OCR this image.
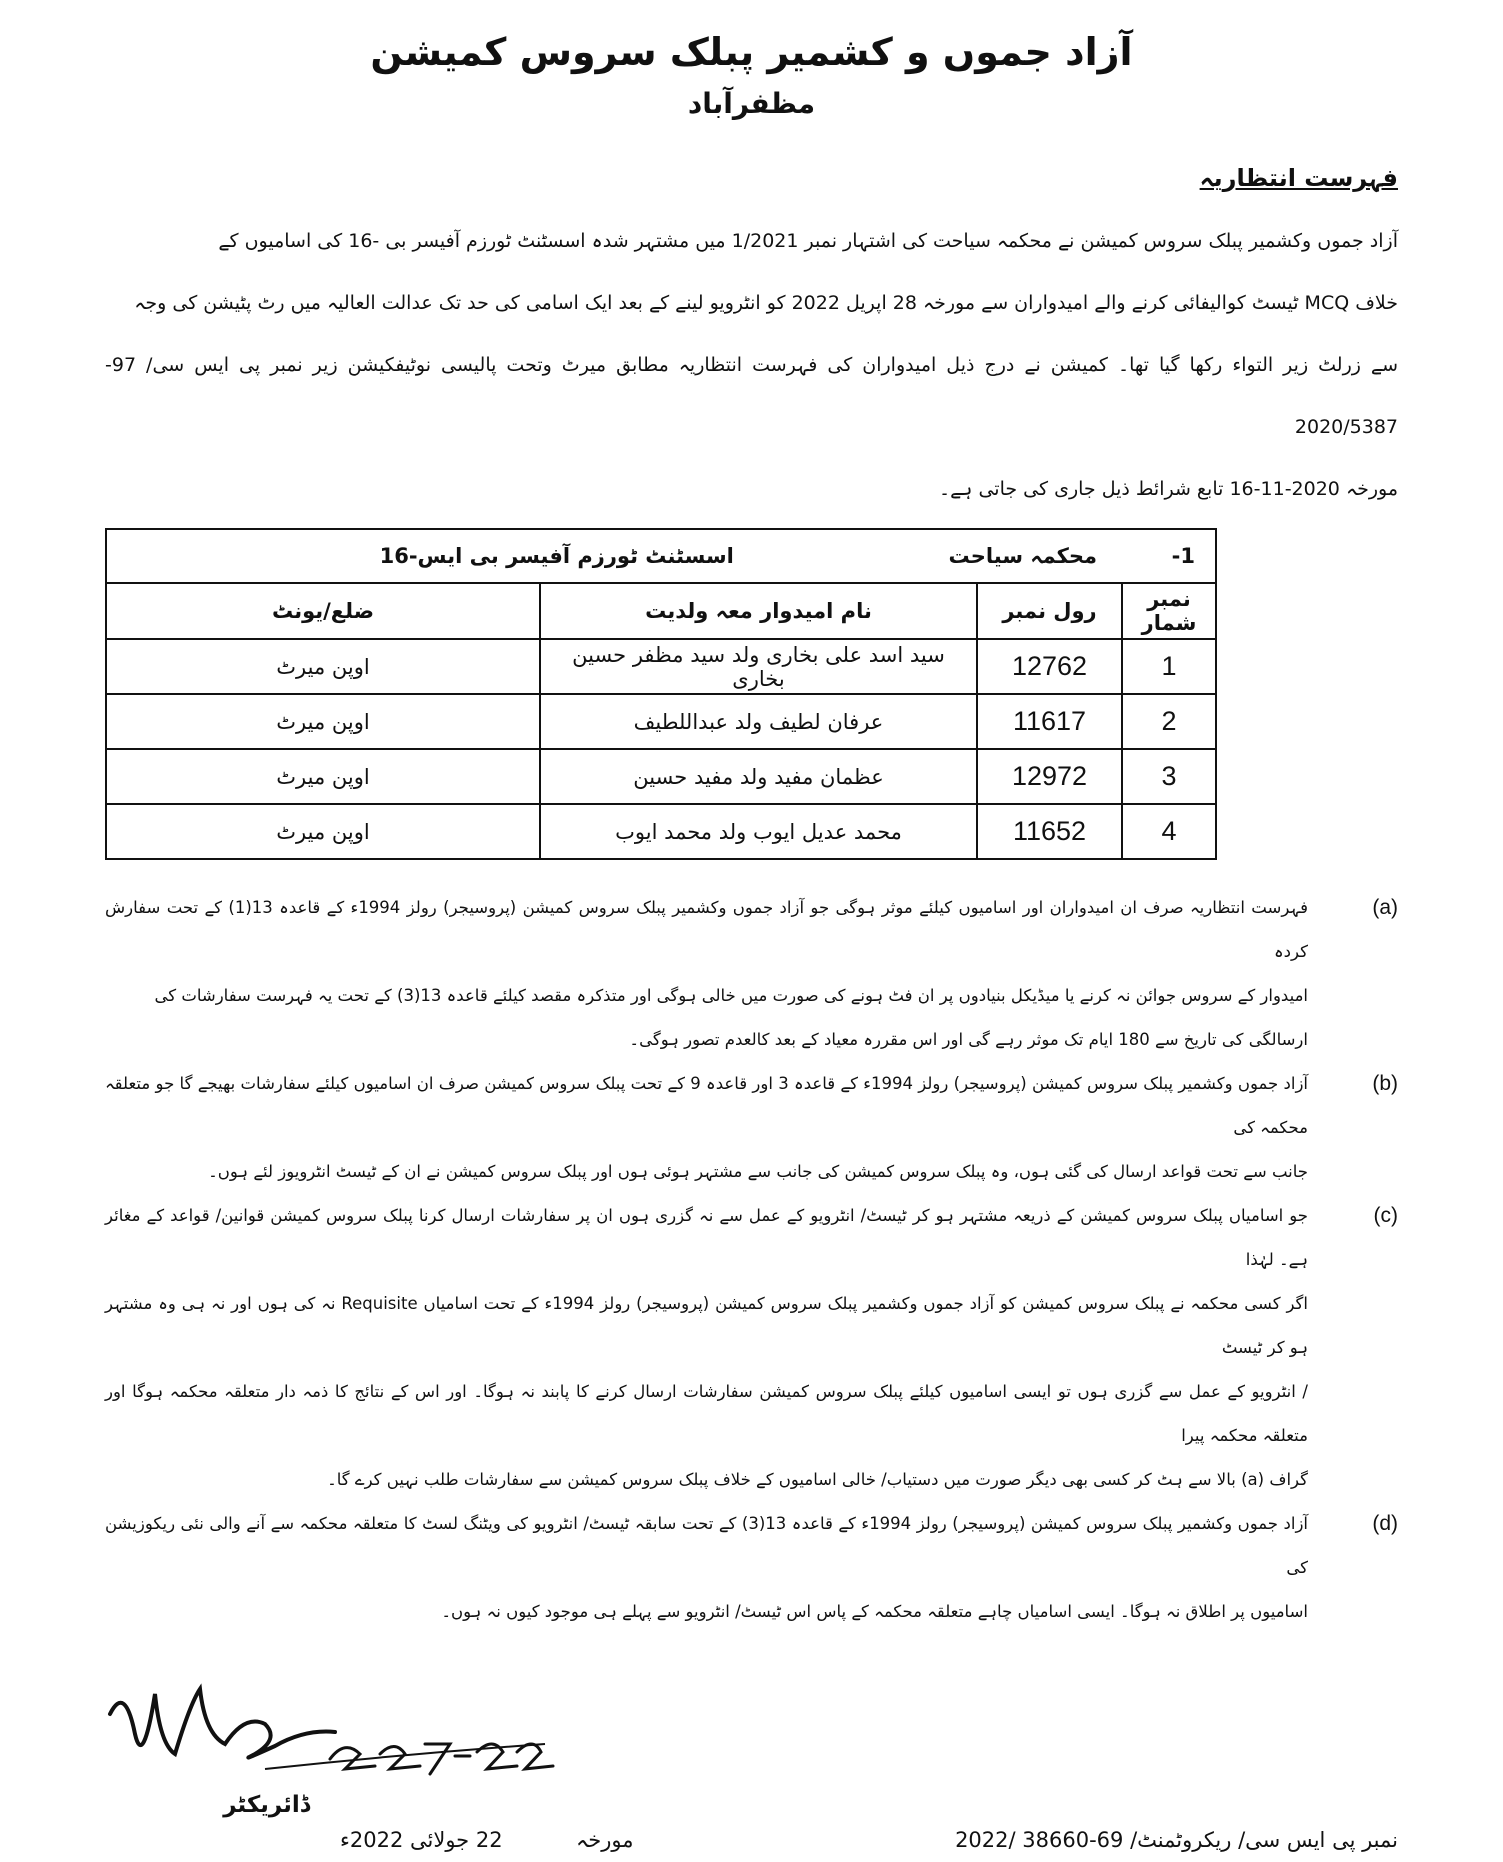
آزاد جموں و کشمیر پبلک سروس کمیشن
مظفرآباد
فہرست انتظاریہ
آزاد جموں وکشمیر پبلک سروس کمیشن نے محکمہ سیاحت کی اشتہار نمبر 1/2021 میں مشتہر شدہ اسسٹنٹ ٹورزم آفیسر بی -16 کی اسامیوں کے
خلاف MCQ ٹیسٹ کوالیفائی کرنے والے امیدواران سے مورخہ 28 اپریل 2022 کو انٹرویو لینے کے بعد ایک اسامی کی حد تک عدالت العالیہ میں رٹ پٹیشن کی وجہ
سے زرلٹ زیر التواء رکھا گیا تھا۔ کمیشن نے درج ذیل امیدواران کی فہرست انتظاریہ مطابق میرٹ وتحت پالیسی نوٹیفکیشن زیر نمبر پی ایس سی/ 97-2020/5387
مورخہ 2020-11-16 تابع شرائط ذیل جاری کی جاتی ہے۔
1-  محکمہ سیاحت  اسسٹنٹ ٹورزم آفیسر بی ایس-16			
نمبر شمار	رول نمبر	نام امیدوار معہ ولدیت	ضلع/یونٹ
1	12762	سید اسد علی بخاری ولد سید مظفر حسین بخاری	اوپن میرٹ
2	11617	عرفان لطیف ولد عبداللطیف	اوپن میرٹ
3	12972	عظمان مفید ولد مفید حسین	اوپن میرٹ
4	11652	محمد عدیل ایوب ولد محمد ایوب	اوپن میرٹ
(a)
فہرست انتظاریہ صرف ان امیدواران اور اسامیوں کیلئے موثر ہوگی جو آزاد جموں وکشمیر پبلک سروس کمیشن (پروسیجر) رولز 1994ء کے قاعدہ 13(1) کے تحت سفارش کردہ
امیدوار کے سروس جوائن نہ کرنے یا میڈیکل بنیادوں پر ان فٹ ہونے کی صورت میں خالی ہوگی اور متذکرہ مقصد کیلئے قاعدہ 13(3) کے تحت یہ فہرست سفارشات کی
ارسالگی کی تاریخ سے 180 ایام تک موثر رہے گی اور اس مقررہ معیاد کے بعد کالعدم تصور ہوگی۔
(b)
آزاد جموں وکشمیر پبلک سروس کمیشن (پروسیجر) رولز 1994ء کے قاعدہ 3 اور قاعدہ 9 کے تحت پبلک سروس کمیشن صرف ان اسامیوں کیلئے سفارشات بھیجے گا جو متعلقہ محکمہ کی
جانب سے تحت قواعد ارسال کی گئی ہوں، وہ پبلک سروس کمیشن کی جانب سے مشتہر ہوئی ہوں اور پبلک سروس کمیشن نے ان کے ٹیسٹ انٹرویوز لئے ہوں۔
(c)
جو اسامیاں پبلک سروس کمیشن کے ذریعہ مشتہر ہو کر ٹیسٹ/ انٹرویو کے عمل سے نہ گزری ہوں ان پر سفارشات ارسال کرنا پبلک سروس کمیشن قوانین/ قواعد کے مغائر ہے۔ لہٰذا
اگر کسی محکمہ نے پبلک سروس کمیشن کو آزاد جموں وکشمیر پبلک سروس کمیشن (پروسیجر) رولز 1994ء کے تحت اسامیاں Requisite نہ کی ہوں اور نہ ہی وہ مشتہر ہو کر ٹیسٹ
/ انٹرویو کے عمل سے گزری ہوں تو ایسی اسامیوں کیلئے پبلک سروس کمیشن سفارشات ارسال کرنے کا پابند نہ ہوگا۔ اور اس کے نتائج کا ذمہ دار متعلقہ محکمہ ہوگا اور متعلقہ محکمہ پیرا
گراف (a) بالا سے ہٹ کر کسی بھی دیگر صورت میں دستیاب/ خالی اسامیوں کے خلاف پبلک سروس کمیشن سے سفارشات طلب نہیں کرے گا۔
(d)
آزاد جموں وکشمیر پبلک سروس کمیشن (پروسیجر) رولز 1994ء کے قاعدہ 13(3) کے تحت سابقہ ٹیسٹ/ انٹرویو کی ویٹنگ لسٹ کا متعلقہ محکمہ سے آنے والی نئی ریکوزیشن کی
اسامیوں پر اطلاق نہ ہوگا۔ ایسی اسامیاں چاہے متعلقہ محکمہ کے پاس اس ٹیسٹ/ انٹرویو سے پہلے ہی موجود کیوں نہ ہوں۔
ڈائریکٹر
نمبر پی ایس سی/ ریکروٹمنٹ/ 69-38660 /2022
مورخہ  22 جولائی 2022ء
